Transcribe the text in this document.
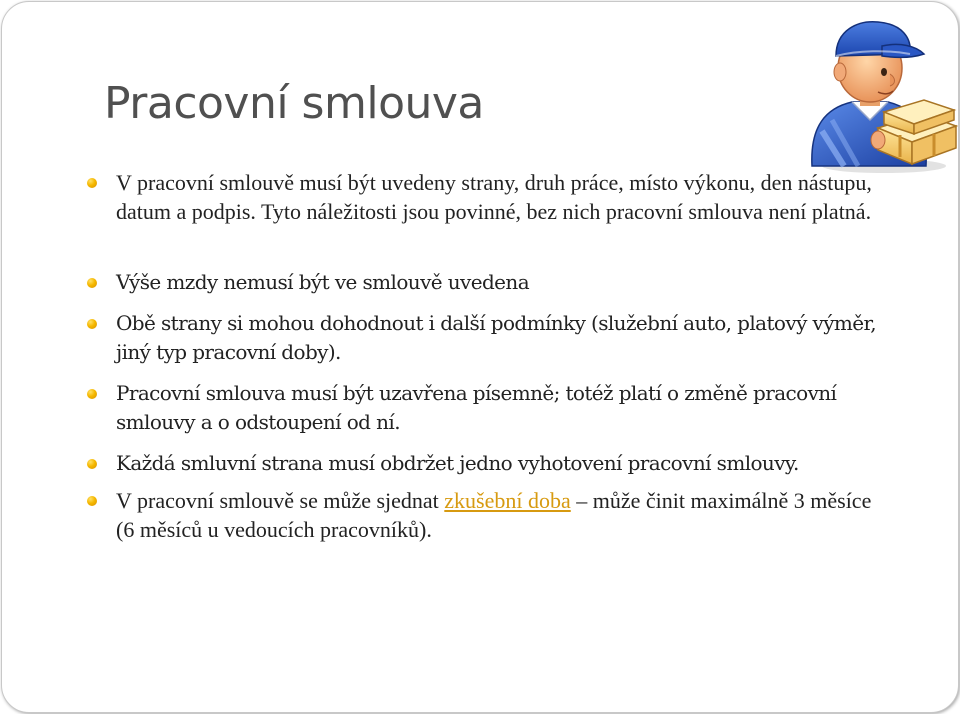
Pracovní smlouva
V pracovní smlouvě musí být uvedeny strany, druh práce, místo výkonu, den nástupu, datum a podpis. Tyto náležitosti jsou povinné, bez nich pracovní smlouva není platná.
Výše mzdy nemusí být ve smlouvě uvedena
Obě strany si mohou dohodnout i další podmínky (služební auto, platový výměr, jiný typ pracovní doby).
Pracovní smlouva musí být uzavřena písemně; totéž platí o změně pracovní smlouvy a o odstoupení od ní.
Každá smluvní strana musí obdržet jedno vyhotovení pracovní smlouvy.
V pracovní smlouvě se může sjednat zkušební doba – může činit maximálně 3 měsíce (6 měsíců u vedoucích pracovníků).
